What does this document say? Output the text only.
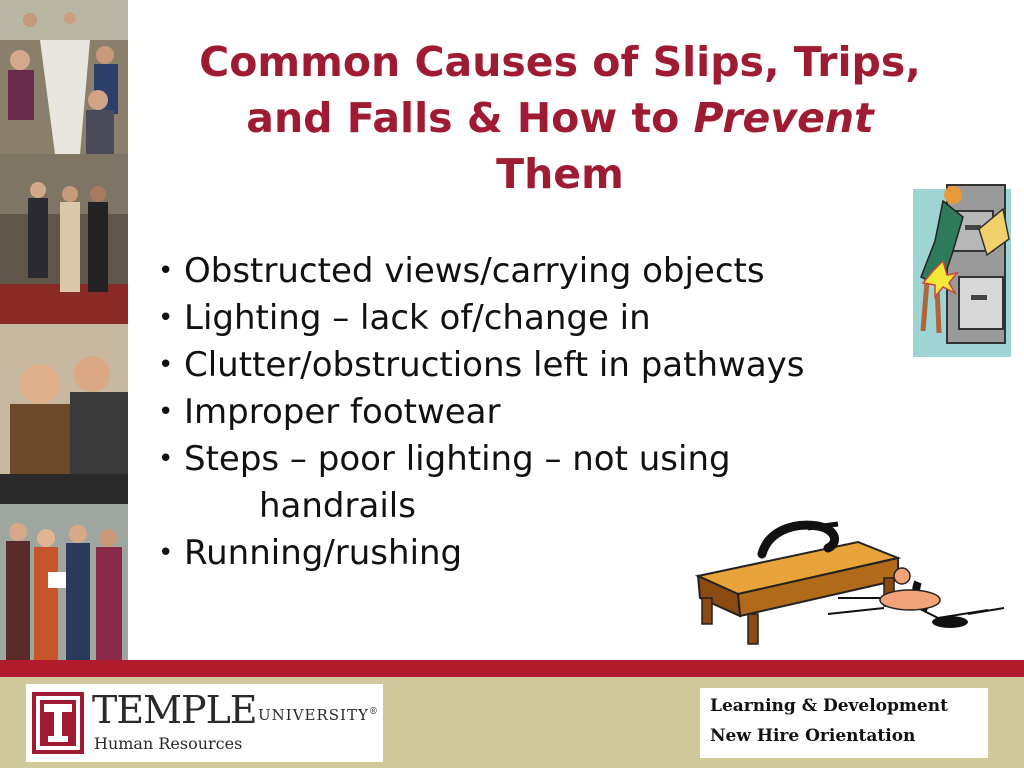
Common Causes of Slips, Trips,
and Falls & How to Prevent
Them
• Obstructed views/carrying objects
• Lighting – lack of/change in
• Clutter/obstructions left in pathways
• Improper footwear
• Steps – poor lighting – not using
handrails
• Running/rushing
TEMPLE UNIVERSITY®
Human Resources
Learning & Development
New Hire Orientation
